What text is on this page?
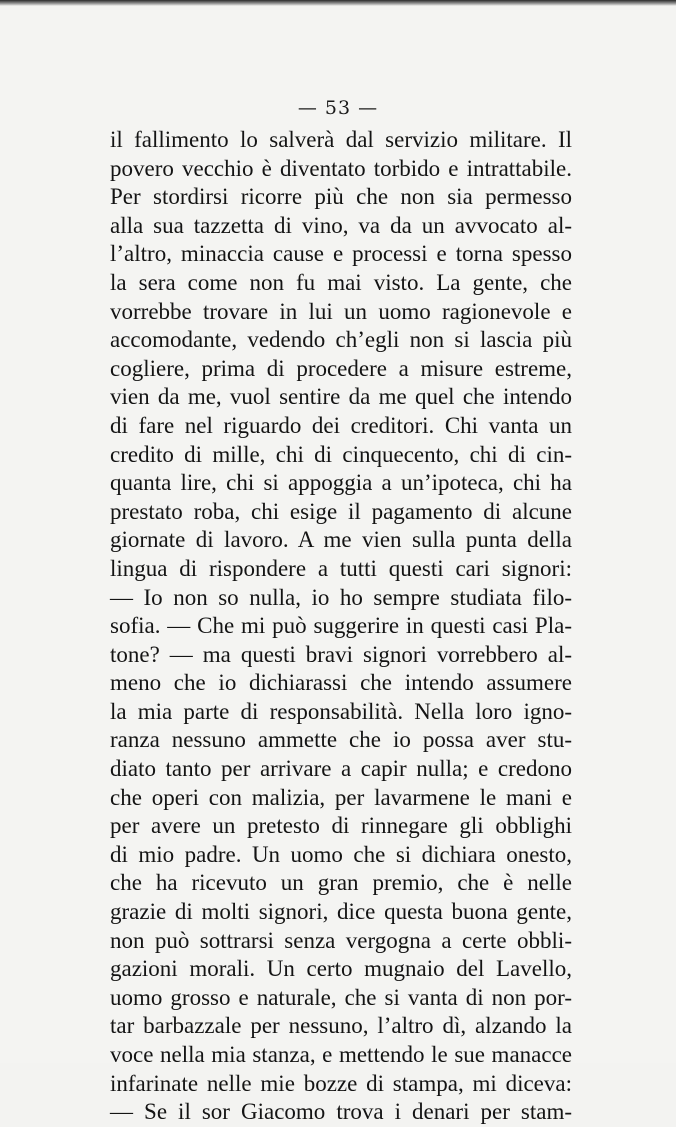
— 53 —
il fallimento lo salverà dal servizio militare. Il
povero vecchio è diventato torbido e intrattabile.
Per stordirsi ricorre più che non sia permesso
alla sua tazzetta di vino, va da un avvocato al-
l’altro, minaccia cause e processi e torna spesso
la sera come non fu mai visto. La gente, che
vorrebbe trovare in lui un uomo ragionevole e
accomodante, vedendo ch’egli non si lascia più
cogliere, prima di procedere a misure estreme,
vien da me, vuol sentire da me quel che intendo
di fare nel riguardo dei creditori. Chi vanta un
credito di mille, chi di cinquecento, chi di cin-
quanta lire, chi si appoggia a un’ipoteca, chi ha
prestato roba, chi esige il pagamento di alcune
giornate di lavoro. A me vien sulla punta della
lingua di rispondere a tutti questi cari signori:
— Io non so nulla, io ho sempre studiata filo-
sofia. — Che mi può suggerire in questi casi Pla-
tone? — ma questi bravi signori vorrebbero al-
meno che io dichiarassi che intendo assumere
la mia parte di responsabilità. Nella loro igno-
ranza nessuno ammette che io possa aver stu-
diato tanto per arrivare a capir nulla; e credono
che operi con malizia, per lavarmene le mani e
per avere un pretesto di rinnegare gli obblighi
di mio padre. Un uomo che si dichiara onesto,
che ha ricevuto un gran premio, che è nelle
grazie di molti signori, dice questa buona gente,
non può sottrarsi senza vergogna a certe obbli-
gazioni morali. Un certo mugnaio del Lavello,
uomo grosso e naturale, che si vanta di non por-
tar barbazzale per nessuno, l’altro dì, alzando la
voce nella mia stanza, e mettendo le sue manacce
infarinate nelle mie bozze di stampa, mi diceva:
— Se il sor Giacomo trova i denari per stam-
